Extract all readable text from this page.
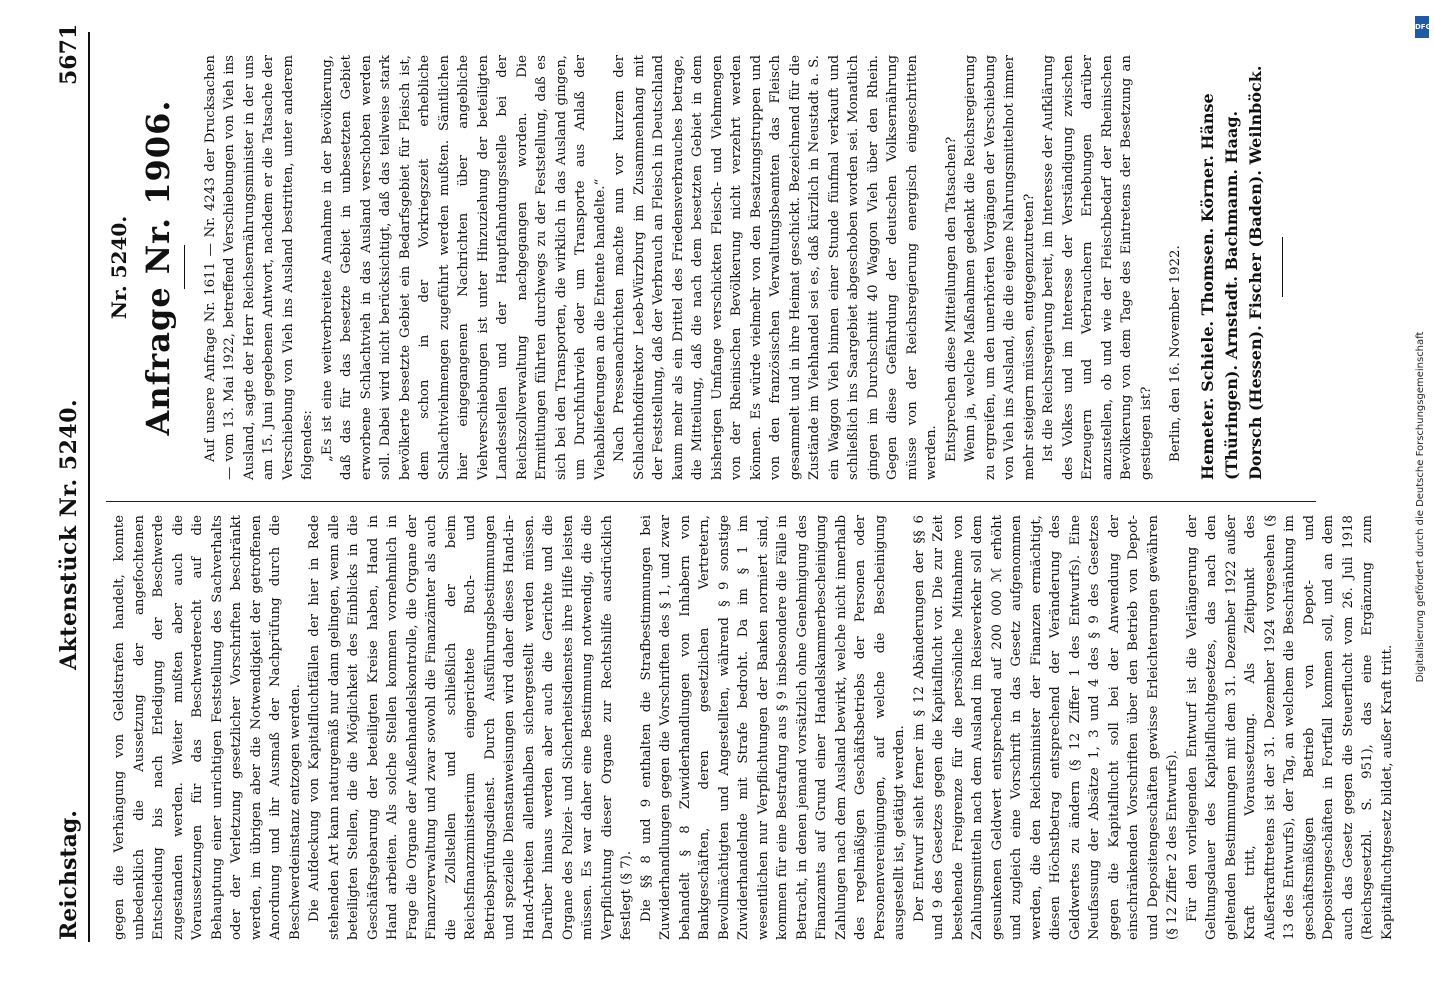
Reichstag.
Aktenstück Nr. 5240.
5671

gegen die Verhängung von Geldstrafen handelt, konnte unbedenklich die Aussetzung der angefochtenen Entscheidung bis nach Erledigung der Beschwerde zugestanden werden. Weiter mußten aber auch die Voraussetzungen für das Beschwerderecht auf die Behauptung einer unrichtigen Feststellung des Sachverhalts oder der Verletzung gesetzlicher Vorschriften beschränkt werden, im übrigen aber die Notwendigkeit der getroffenen Anordnung und ihr Ausmaß der Nachprüfung durch die Beschwerdeinstanz entzogen werden. Die Aufdeckung von Kapitalfluchtfällen der hier in Rede stehenden Art kann naturgemäß nur dann gelingen, wenn alle beteiligten Stellen, die die Möglichkeit des Einblicks in die Geschäftsgebarung der beteiligten Kreise haben, Hand in Hand arbeiten. Als solche Stellen kommen vornehmlich in Frage die Organe der Außenhandelskontrolle, die Organe der Finanzverwaltung und zwar sowohl die Finanzämter als auch die Zollstellen und schließlich der beim Reichsfinanzministerium eingerichtete Buch- und Betriebsprüfungsdienst. Durch Ausführungsbestimmungen und spezielle Dienstanweisungen wird daher dieses Hand-in-Hand-Arbeiten allenthalben sichergestellt werden müssen. Darüber hinaus werden aber auch die Gerichte und die Organe des Polizei- und Sicherheitsdienstes ihre Hilfe leisten müssen. Es war daher eine Bestimmung notwendig, die die Verpflichtung dieser Organe zur Rechtshilfe ausdrücklich festlegt (§ 7). Die §§ 8 und 9 enthalten die Strafbestimmungen bei Zuwiderhandlungen gegen die Vorschriften des § 1, und zwar behandelt § 8 Zuwiderhandlungen von Inhabern von Bankgeschäften, deren gesetzlichen Vertretern, Bevollmächtigten und Angestellten, während § 9 sonstige Zuwiderhandelnde mit Strafe bedroht. Da im § 1 im wesentlichen nur Verpflichtungen der Banken normiert sind, kommen für eine Bestrafung aus § 9 insbesondere die Fälle in Betracht, in denen jemand vorsätzlich ohne Genehmigung des Finanzamts auf Grund einer Handelskammerbescheinigung Zahlungen nach dem Ausland bewirkt, welche nicht innerhalb des regelmäßigen Geschäftsbetriebs der Personen oder Personenvereinigungen, auf welche die Bescheinigung ausgestellt ist, getätigt werden. Der Entwurf sieht ferner im § 12 Abänderungen der §§ 6 und 9 des Gesetzes gegen die Kapitalflucht vor. Die zur Zeit bestehende Freigrenze für die persönliche Mitnahme von Zahlungsmitteln nach dem Ausland im Reiseverkehr soll dem gesunkenen Geldwert entsprechend auf 200 000 ℳ erhöht und zugleich eine Vorschrift in das Gesetz aufgenommen werden, die den Reichsminister der Finanzen ermächtigt, diesen Höchstbetrag entsprechend der Veränderung des Geldwertes zu ändern (§ 12 Ziffer 1 des Entwurfs). Eine Neufassung der Absätze 1, 3 und 4 des § 9 des Gesetzes gegen die Kapitalflucht soll bei der Anwendung der einschränkenden Vorschriften über den Betrieb von Depot- und Depositengeschäften gewisse Erleichterungen gewähren (§ 12 Ziffer 2 des Entwurfs). Für den vorliegenden Entwurf ist die Verlängerung der Geltungsdauer des Kapitalfluchtgesetzes, das nach den geltenden Bestimmungen mit dem 31. Dezember 1922 außer Kraft tritt, Voraussetzung. Als Zeitpunkt des Außerkrafttretens ist der 31. Dezember 1924 vorgesehen (§ 13 des Entwurfs), der Tag, an welchem die Beschränkung im geschäftsmäßigen Betrieb von Depot- und Depositengeschäften in Fortfall kommen soll, und an dem auch das Gesetz gegen die Steuerflucht vom 26. Juli 1918 (Reichsgesetzbl. S. 951), das eine Ergänzung zum Kapitalfluchtgesetz bildet, außer Kraft tritt.

Nr. 5240. Anfrage Nr. 1906. Auf unsere Anfrage Nr. 1611 — Nr. 4243 der Drucksachen — vom 13. Mai 1922, betreffend Verschiebungen von Vieh ins Ausland, sagte der Herr Reichsernährungsminister in der uns am 15. Juni gegebenen Antwort, nachdem er die Tatsache der Verschiebung von Vieh ins Ausland bestritten, unter anderem folgendes: „Es ist eine weitverbreitete Annahme in der Bevölkerung, daß das für das besetzte Gebiet in unbesetzten Gebiet erworbene Schlachtvieh in das Ausland verschoben werden soll. Dabei wird nicht berücksichtigt, daß das teilweise stark bevölkerte besetzte Gebiet ein Bedarfsgebiet für Fleisch ist, dem schon in der Vorkriegszeit erhebliche Schlachtviehmengen zugeführt werden mußten. Sämtlichen hier eingegangenen Nachrichten über angebliche Viehverschiebungen ist unter Hinzuziehung der beteiligten Landesstellen und der Hauptfahndungsstelle bei der Reichszollverwaltung nachgegangen worden. Die Ermittlungen führten durchwegs zu der Feststellung, daß es sich bei den Transporten, die wirklich in das Ausland gingen, um Durchfuhrvieh oder um Transporte aus Anlaß der Viehablieferungen an die Entente handelte.“ Nach Pressenachrichten machte nun vor kurzem der Schlachthofdirektor Leeb-Würzburg im Zusammenhang mit der Feststellung, daß der Verbrauch an Fleisch in Deutschland kaum mehr als ein Drittel des Friedensverbrauches betrage, die Mitteilung, daß die nach dem besetzten Gebiet in dem bisherigen Umfange verschickten Fleisch- und Viehmengen von der Rheinischen Bevölkerung nicht verzehrt werden können. Es würde vielmehr von den Besatzungstruppen und von den französischen Verwaltungsbeamten das Fleisch gesammelt und in ihre Heimat geschickt. Bezeichnend für die Zustände im Viehhandel sei es, daß kürzlich in Neustadt a. S. ein Waggon Vieh binnen einer Stunde fünfmal verkauft und schließlich ins Saargebiet abgeschoben worden sei. Monatlich gingen im Durchschnitt 40 Waggon Vieh über den Rhein. Gegen diese Gefährdung der deutschen Volksernährung müsse von der Reichsregierung energisch eingeschritten werden. Entsprechen diese Mitteilungen den Tatsachen? Wenn ja, welche Maßnahmen gedenkt die Reichsregierung zu ergreifen, um den unerhörten Vorgängen der Verschiebung von Vieh ins Ausland, die die eigene Nahrungsmittelnot immer mehr steigern müssen, entgegenzutreten? Ist die Reichsregierung bereit, im Interesse der Aufklärung des Volkes und im Interesse der Verständigung zwischen Erzeugern und Verbrauchern Erhebungen darüber anzustellen, ob und wie der Fleischbedarf der Rheinischen Bevölkerung von dem Tage des Eintretens der Besetzung an gestiegen ist? Berlin, den 16. November 1922. Hemeter. Schiele. Thomsen. Körner. Hänse (Thüringen). Arnstadt. Bachmann. Haag. Dorsch (Hessen). Fischer (Baden). Weilnböck.
DFG
Digitalisierung gefördert durch die Deutsche Forschungsgemeinschaft
